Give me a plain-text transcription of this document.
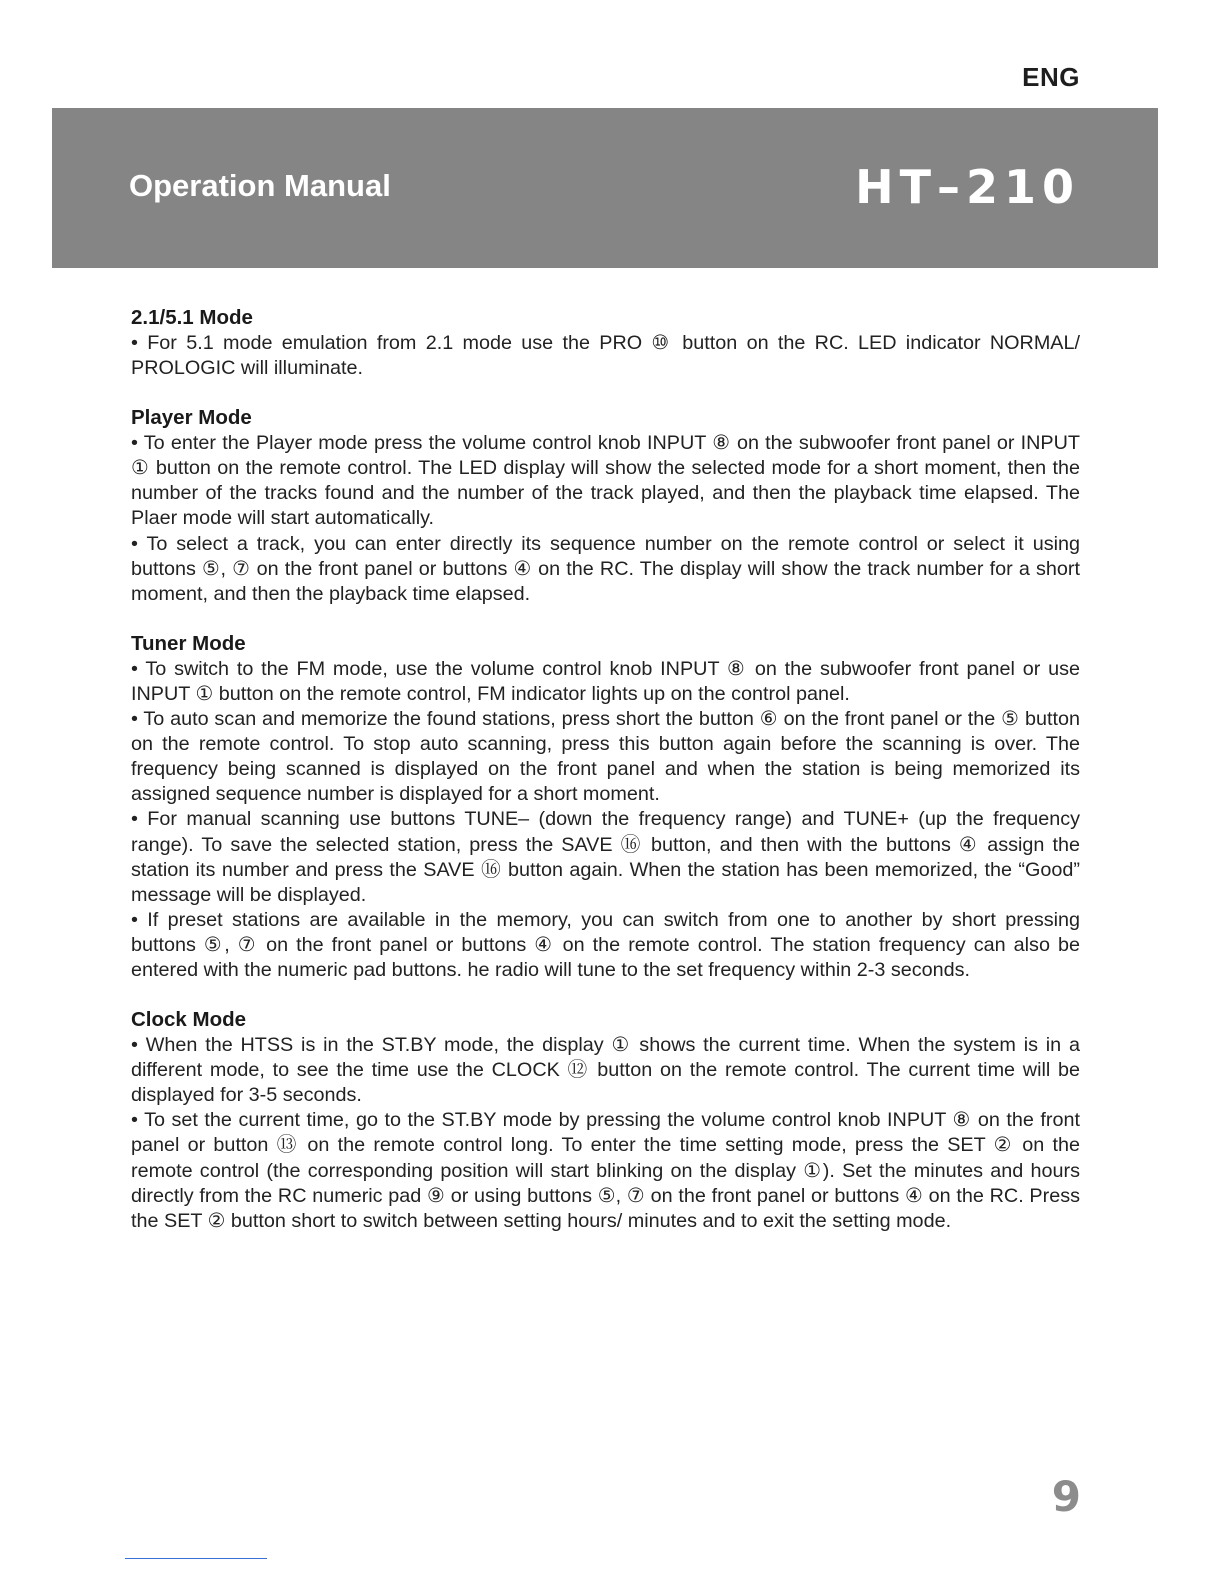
ENG
Operation Manual	HT–210
2.1/5.1 Mode

• For 5.1 mode emulation from 2.1 mode use the PRO ⑩ button on the RC. LED indicator NORMAL/ PROLOGIC will illuminate.

Player Mode

• To enter the Player mode press the volume control knob INPUT ⑧ on the subwoofer front panel or INPUT ① button on the remote control. The LED display will show the selected mode for a short moment, then the number of the tracks found and the number of the track played, and then the playback time elapsed. The Plaer mode will start automatically.

• To select a track, you can enter directly its sequence number on the remote control or select it using buttons ⑤, ⑦ on the front panel or buttons ④ on the RC. The display will show the track number for a short moment, and then the playback time elapsed.

Tuner Mode

• To switch to the FM mode, use the volume control knob INPUT ⑧ on the subwoofer front panel or use INPUT ① button on the remote control, FM indicator lights up on the control panel.

• To auto scan and memorize the found stations, press short the button ⑥ on the front panel or the ⑤ button on the remote control. To stop auto scanning, press this button again before the scanning is over. The frequency being scanned is displayed on the front panel and when the station is being memorized its assigned sequence number is displayed for a short moment.

• For manual scanning use buttons TUNE– (down the frequency range) and TUNE+ (up the frequency range). To save the selected station, press the SAVE ⑯ button, and then with the buttons ④ assign the station its number and press the SAVE ⑯ button again. When the station has been memorized, the “Good” message will be displayed.

• If preset stations are available in the memory, you can switch from one to another by short pressing buttons ⑤, ⑦ on the front panel or buttons ④ on the remote control. The station frequency can also be entered with the numeric pad buttons. he radio will tune to the set frequency within 2-3 seconds.

Clock Mode

• When the HTSS is in the ST.BY mode, the display ① shows the current time. When the system is in a different mode, to see the time use the CLOCK ⑫ button on the remote control. The current time will be displayed for 3-5 seconds.

• To set the current time, go to the ST.BY mode by pressing the volume control knob INPUT ⑧ on the front panel or button ⑬ on the remote control long. To enter the time setting mode, press the SET ② on the remote control (the corresponding position will start blinking on the display ①). Set the minutes and hours directly from the RC numeric pad ⑨ or using buttons ⑤, ⑦ on the front panel or buttons ④ on the RC. Press the SET ② button short to switch between setting hours/ minutes and to exit the setting mode.

9
